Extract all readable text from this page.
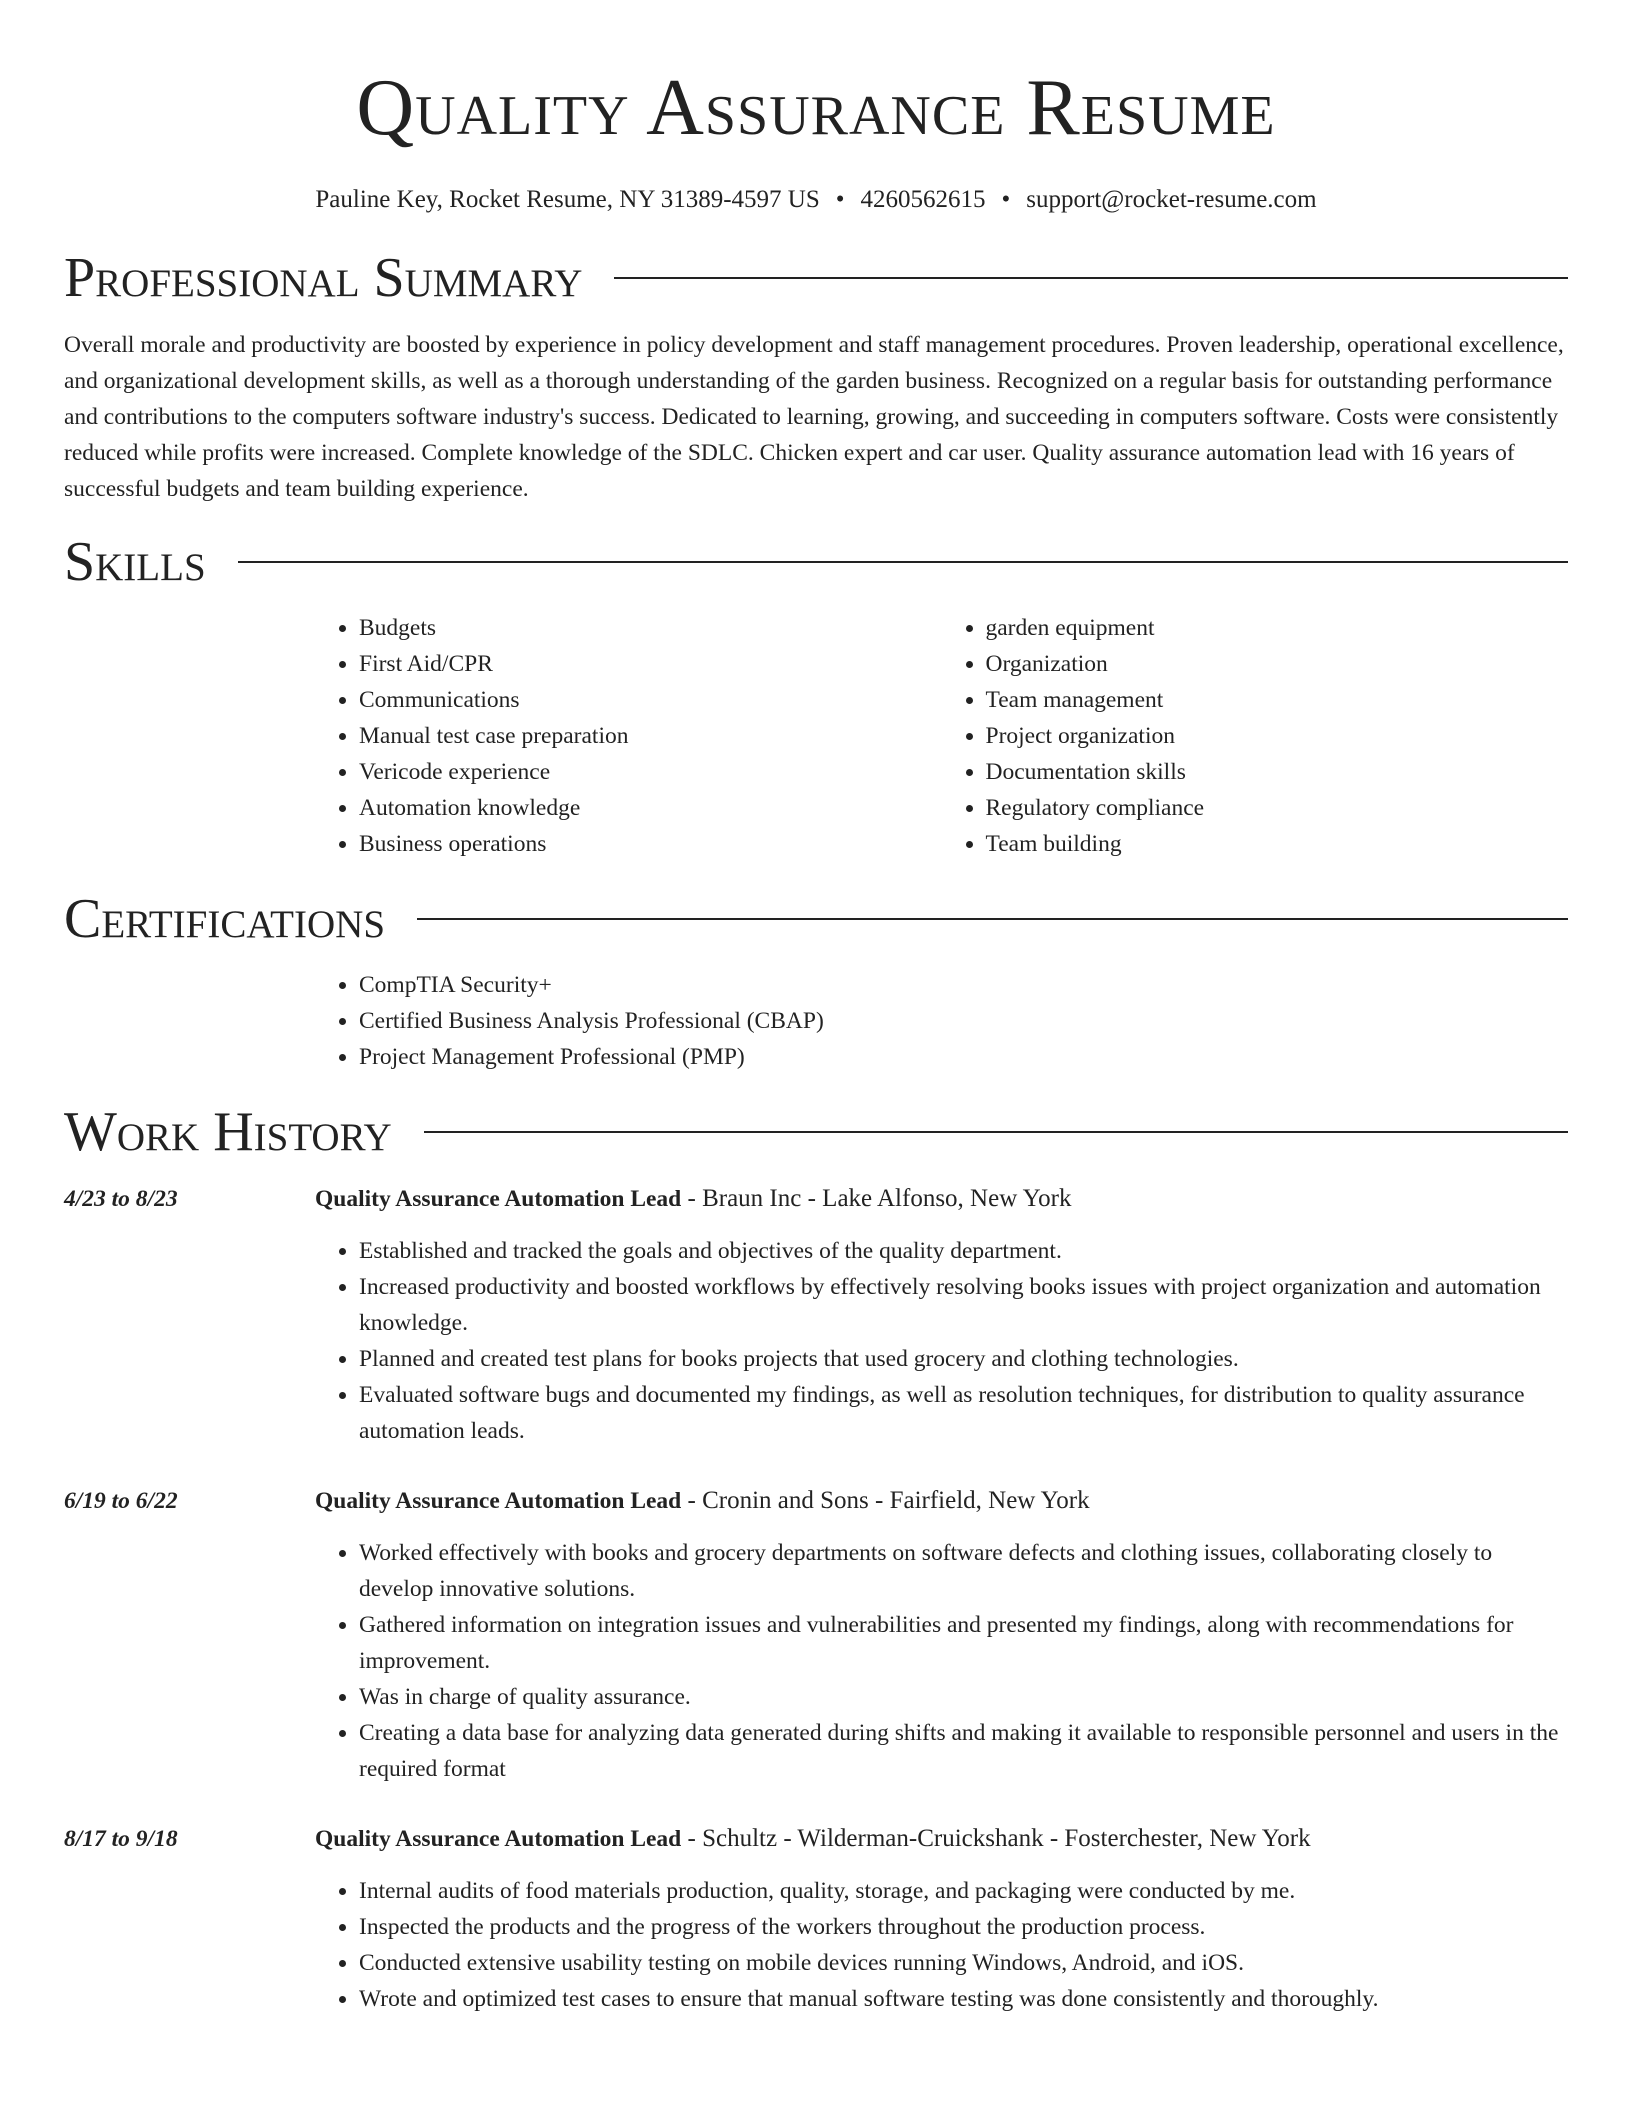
Quality Assurance Resume
Pauline Key, Rocket Resume, NY 31389-4597 US • 4260562615 • support@rocket-resume.com
Professional Summary

Overall morale and productivity are boosted by experience in policy development and staff management procedures. Proven leadership, operational excellence, and organizational development skills, as well as a thorough understanding of the garden business. Recognized on a regular basis for outstanding performance and contributions to the computers software industry's success. Dedicated to learning, growing, and succeeding in computers software. Costs were consistently reduced while profits were increased. Complete knowledge of the SDLC. Chicken expert and car user. Quality assurance automation lead with 16 years of successful budgets and team building experience.

Skills
• Budgets
• First Aid/CPR
• Communications
• Manual test case preparation
• Vericode experience
• Automation knowledge
• Business operations
• garden equipment
• Organization
• Team management
• Project organization
• Documentation skills
• Regulatory compliance
• Team building
Certifications
• CompTIA Security+
• Certified Business Analysis Professional (CBAP)
• Project Management Professional (PMP)
Work History
4/23 to 8/23	Quality Assurance Automation Lead - Braun Inc - Lake Alfonso, New York
• Established and tracked the goals and objectives of the quality department.
• Increased productivity and boosted workflows by effectively resolving books issues with project organization and automation knowledge.
• Planned and created test plans for books projects that used grocery and clothing technologies.
• Evaluated software bugs and documented my findings, as well as resolution techniques, for distribution to quality assurance automation leads.
6/19 to 6/22	Quality Assurance Automation Lead - Cronin and Sons - Fairfield, New York
• Worked effectively with books and grocery departments on software defects and clothing issues, collaborating closely to develop innovative solutions.
• Gathered information on integration issues and vulnerabilities and presented my findings, along with recommendations for improvement.
• Was in charge of quality assurance.
• Creating a data base for analyzing data generated during shifts and making it available to responsible personnel and users in the required format
8/17 to 9/18	Quality Assurance Automation Lead - Schultz - Wilderman-Cruickshank - Fosterchester, New York
• Internal audits of food materials production, quality, storage, and packaging were conducted by me.
• Inspected the products and the progress of the workers throughout the production process.
• Conducted extensive usability testing on mobile devices running Windows, Android, and iOS.
• Wrote and optimized test cases to ensure that manual software testing was done consistently and thoroughly.
